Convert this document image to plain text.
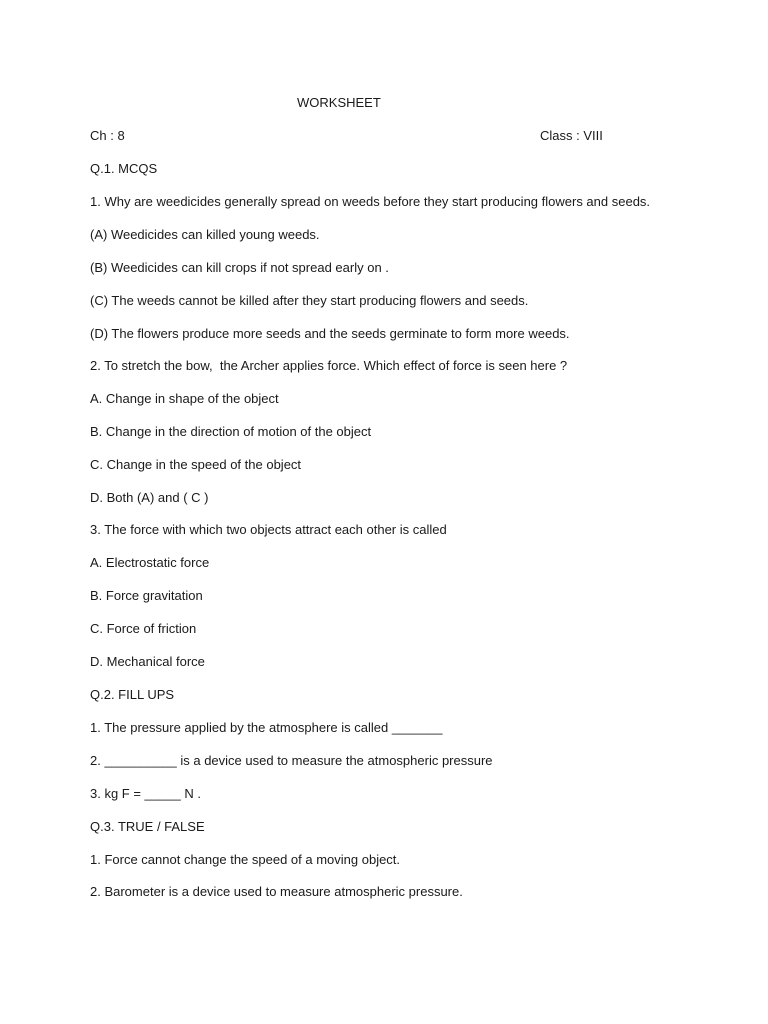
WORKSHEET
Ch : 8	Class : VIII
Q.1. MCQS
1. Why are weedicides generally spread on weeds before they start producing flowers and seeds.
(A) Weedicides can killed young weeds.
(B) Weedicides can kill crops if not spread early on .
(C) The weeds cannot be killed after they start producing flowers and seeds.
(D) The flowers produce more seeds and the seeds germinate to form more weeds.
2. To stretch the bow,  the Archer applies force. Which effect of force is seen here ?
A. Change in shape of the object
B. Change in the direction of motion of the object
C. Change in the speed of the object
D. Both (A) and ( C )
3. The force with which two objects attract each other is called
A. Electrostatic force
B. Force gravitation
C. Force of friction
D. Mechanical force
Q.2. FILL UPS
1. The pressure applied by the atmosphere is called _______
2. __________ is a device used to measure the atmospheric pressure
3. kg F = _____ N .
Q.3. TRUE / FALSE
1. Force cannot change the speed of a moving object.
2. Barometer is a device used to measure atmospheric pressure.
